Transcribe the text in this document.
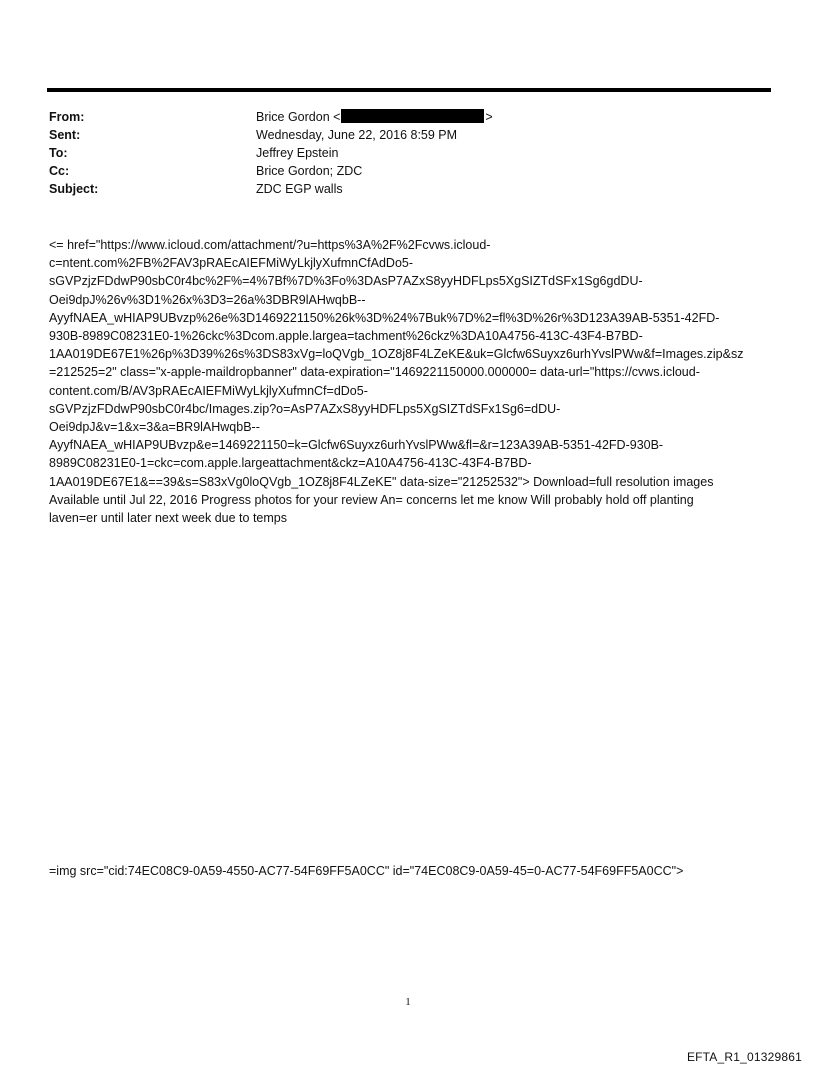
From:	Brice Gordon <	>
Sent:	Wednesday, June 22, 2016 8:59 PM
To:	Jeffrey Epstein
Cc:	Brice Gordon; ZDC
Subject:	ZDC EGP walls
<= href="https://www.icloud.com/attachment/?u=https%3A%2F%2Fcvws.icloud-
c=ntent.com%2FB%2FAV3pRAEcAIEFMiWyLkjlyXufmnCfAdDo5-
sGVPzjzFDdwP90sbC0r4bc%2F%=4%7Bf%7D%3Fo%3DAsP7AZxS8yyHDFLps5XgSIZTdSFx1Sg6gdDU-
Oei9dpJ%26v%3D1%26x%3D3=26a%3DBR9lAHwqbB--
AyyfNAEA_wHIAP9UBvzp%26e%3D1469221150%26k%3D%24%7Buk%7D%2=fl%3D%26r%3D123A39AB-5351-42FD-
930B-8989C08231E0-1%26ckc%3Dcom.apple.largea=tachment%26ckz%3DA10A4756-413C-43F4-B7BD-
1AA019DE67E1%26p%3D39%26s%3DS83xVg=loQVgb_1OZ8j8F4LZeKE&uk=Glcfw6Suyxz6urhYvslPWw&f=Images.zip&sz
=212525=2" class="x-apple-maildropbanner" data-expiration="1469221150000.000000= data-url="https://cvws.icloud-
content.com/B/AV3pRAEcAIEFMiWyLkjlyXufmnCf=dDo5-
sGVPzjzFDdwP90sbC0r4bc/Images.zip?o=AsP7AZxS8yyHDFLps5XgSIZTdSFx1Sg6=dDU-
Oei9dpJ&v=1&x=3&a=BR9lAHwqbB--
AyyfNAEA_wHIAP9UBvzp&e=1469221150=k=Glcfw6Suyxz6urhYvslPWw&fl=&r=123A39AB-5351-42FD-930B-
8989C08231E0-1=ckc=com.apple.largeattachment&ckz=A10A4756-413C-43F4-B7BD-
1AA019DE67E1&==39&s=S83xVg0loQVgb_1OZ8j8F4LZeKE" data-size="21252532"> Download=full resolution images
Available until Jul 22, 2016 Progress photos for your review An= concerns let me know Will probably hold off planting
laven=er until later next week due to temps
=img src="cid:74EC08C9-0A59-4550-AC77-54F69FF5A0CC" id="74EC08C9-0A59-45=0-AC77-54F69FF5A0CC">
1
EFTA_R1_01329861
